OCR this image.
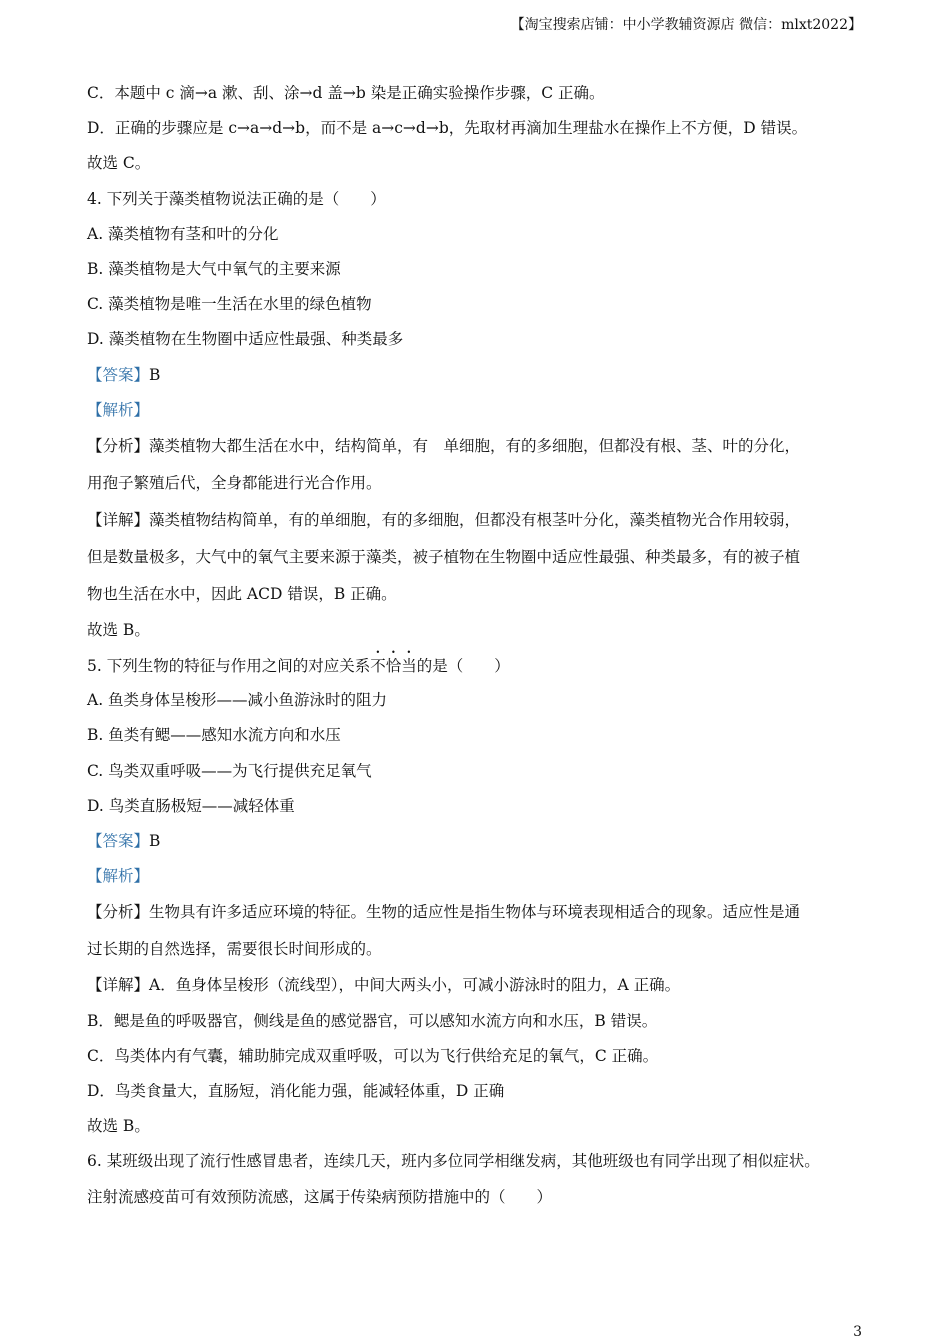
【淘宝搜索店铺：中小学教辅资源店 微信：mlxt2022】
C．本题中 c 滴→a 漱、刮、涂→d 盖→b 染是正确实验操作步骤，C 正确。
D．正确的步骤应是 c→a→d→b，而不是 a→c→d→b，先取材再滴加生理盐水在操作上不方便，D 错误。
故选 C。
4. 下列关于藻类植物说法正确的是（　　）
A. 藻类植物有茎和叶的分化
B. 藻类植物是大气中氧气的主要来源
C. 藻类植物是唯一生活在水里的绿色植物
D. 藻类植物在生物圈中适应性最强、种类最多
【答案】B
【解析】
【分析】藻类植物大都生活在水中，结构简单，有　单细胞，有的多细胞，但都没有根、茎、叶的分化，
用孢子繁殖后代，全身都能进行光合作用。
【详解】藻类植物结构简单，有的单细胞，有的多细胞，但都没有根茎叶分化，藻类植物光合作用较弱，
但是数量极多，大气中的氧气主要来源于藻类，被子植物在生物圈中适应性最强、种类最多，有的被子植
物也生活在水中，因此 ACD 错误，B 正确。
故选 B。
5. 下列生物的特征与作用之间的对应关系不恰当的是（　　）
A. 鱼类身体呈梭形——减小鱼游泳时的阻力
B. 鱼类有鳃——感知水流方向和水压
C. 鸟类双重呼吸——为飞行提供充足氧气
D. 鸟类直肠极短——减轻体重
【答案】B
【解析】
【分析】生物具有许多适应环境的特征。生物的适应性是指生物体与环境表现相适合的现象。适应性是通
过长期的自然选择，需要很长时间形成的。
【详解】A．鱼身体呈梭形（流线型），中间大两头小，可减小游泳时的阻力，A 正确。
B．鳃是鱼的呼吸器官，侧线是鱼的感觉器官，可以感知水流方向和水压，B 错误。
C．鸟类体内有气囊，辅助肺完成双重呼吸，可以为飞行供给充足的氧气，C 正确。
D．鸟类食量大，直肠短，消化能力强，能减轻体重，D 正确
故选 B。
6. 某班级出现了流行性感冒患者，连续几天，班内多位同学相继发病，其他班级也有同学出现了相似症状。
注射流感疫苗可有效预防流感，这属于传染病预防措施中的（　　）
3
